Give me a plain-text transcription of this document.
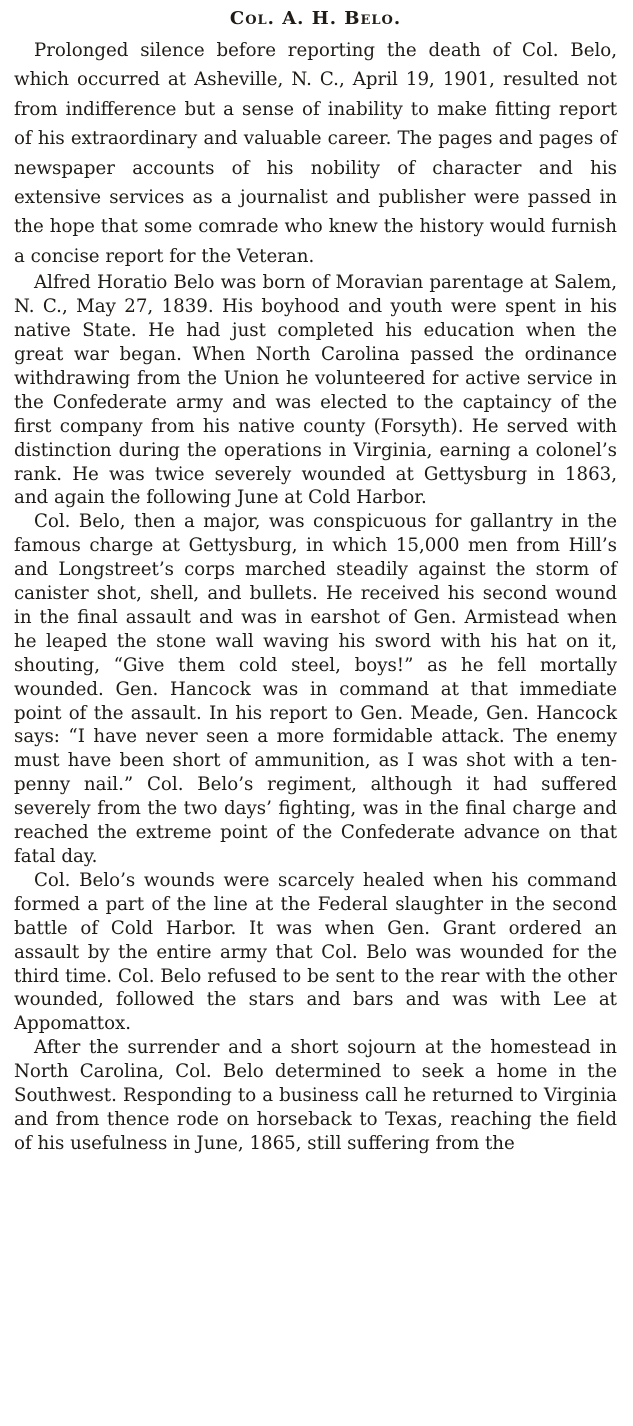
Col. A. H. Belo.

Prolonged silence before reporting the death of Col. Belo, which occurred at Asheville, N. C., April 19, 1901, resulted not from indifference but a sense of inability to make fitting report of his extraordinary and valuable career. The pages and pages of newspaper accounts of his nobility of character and his extensive services as a journalist and publisher were passed in the hope that some comrade who knew the history would furnish a concise report for the Veteran.

Alfred Horatio Belo was born of Moravian parentage at Salem, N. C., May 27, 1839. His boyhood and youth were spent in his native State. He had just completed his education when the great war began. When North Carolina passed the ordinance withdrawing from the Union he volunteered for active service in the Confederate army and was elected to the captaincy of the first company from his native county (Forsyth). He served with distinction during the operations in Virginia, earning a colonel’s rank. He was twice severely wounded at Gettysburg in 1863, and again the following June at Cold Harbor.

Col. Belo, then a major, was conspicuous for gallantry in the famous charge at Gettysburg, in which 15,000 men from Hill’s and Longstreet’s corps marched steadily against the storm of canister shot, shell, and bullets. He received his second wound in the final assault and was in earshot of Gen. Armistead when he leaped the stone wall waving his sword with his hat on it, shouting, “Give them cold steel, boys!” as he fell mortally wounded. Gen. Hancock was in command at that immediate point of the assault. In his report to Gen. Meade, Gen. Hancock says: “I have never seen a more formidable attack. The enemy must have been short of ammunition, as I was shot with a ten-penny nail.” Col. Belo’s regiment, although it had suffered severely from the two days’ fighting, was in the final charge and reached the extreme point of the Confederate advance on that fatal day.

Col. Belo’s wounds were scarcely healed when his command formed a part of the line at the Federal slaughter in the second battle of Cold Harbor. It was when Gen. Grant ordered an assault by the entire army that Col. Belo was wounded for the third time. Col. Belo refused to be sent to the rear with the other wounded, followed the stars and bars and was with Lee at Appomattox.

After the surrender and a short sojourn at the homestead in North Carolina, Col. Belo determined to seek a home in the Southwest. Responding to a business call he returned to Virginia and from thence rode on horseback to Texas, reaching the field of his usefulness in June, 1865, still suffering from the
